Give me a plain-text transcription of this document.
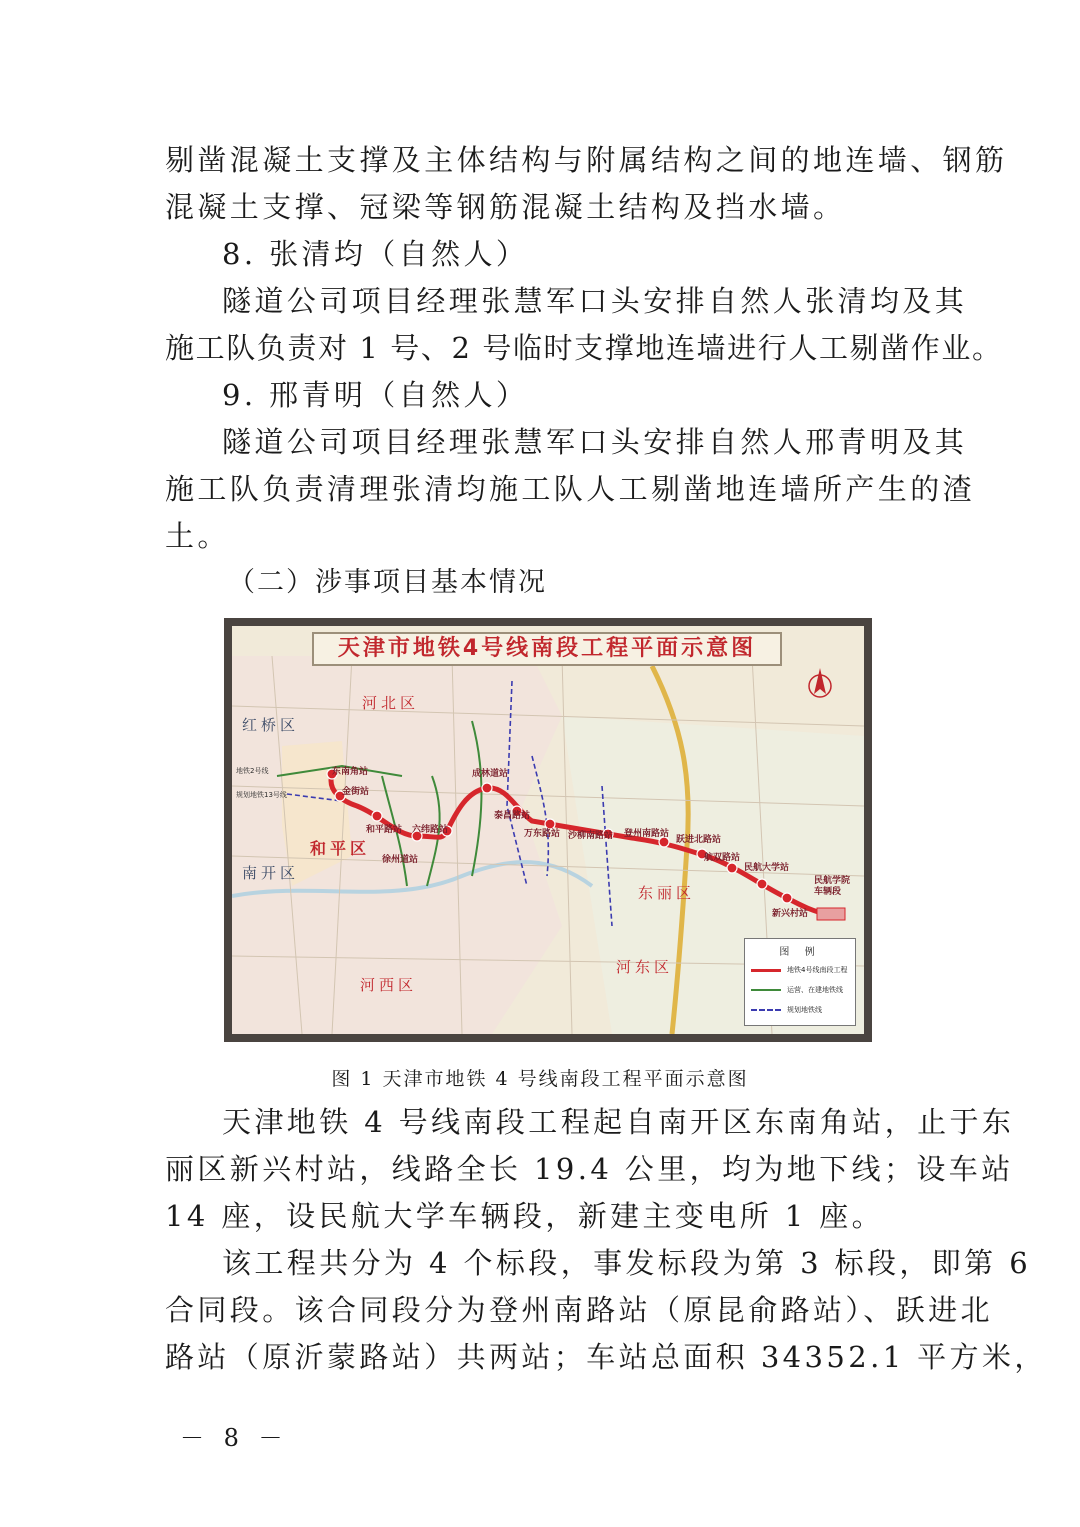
剔凿混凝土支撑及主体结构与附属结构之间的地连墙、钢筋
混凝土支撑、冠梁等钢筋混凝土结构及挡水墙。
8. 张清均（自然人）
隧道公司项目经理张慧军口头安排自然人张清均及其
施工队负责对 1 号、2 号临时支撑地连墙进行人工剔凿作业。
9. 邢青明（自然人）
隧道公司项目经理张慧军口头安排自然人邢青明及其
施工队负责清理张清均施工队人工剔凿地连墙所产生的渣
土。
（二）涉事项目基本情况
天津市地铁4号线南段工程平面示意图
红桥区
河北区
和平区
南开区
河西区
河东区
东丽区
东南角站
金街站
和平路站 六纬路站
徐州道站
成林道站
泰昌路站
万东路站 沙柳南路站 登州南路站
跃进北路站
航双路站
民航大学站
新兴村站
民航学院车辆段
地铁2号线
规划地铁13号线
图 例
地铁4号线南段工程
运营、在建地铁线
规划地铁线
图 1 天津市地铁 4 号线南段工程平面示意图
天津地铁 4 号线南段工程起自南开区东南角站，止于东
丽区新兴村站，线路全长 19.4 公里，均为地下线；设车站
14 座，设民航大学车辆段，新建主变电所 1 座。
该工程共分为 4 个标段，事发标段为第 3 标段，即第 6
合同段。该合同段分为登州南路站（原昆俞路站）、跃进北
路站（原沂蒙路站）共两站；车站总面积 34352.1 平方米，
－ 8 －
